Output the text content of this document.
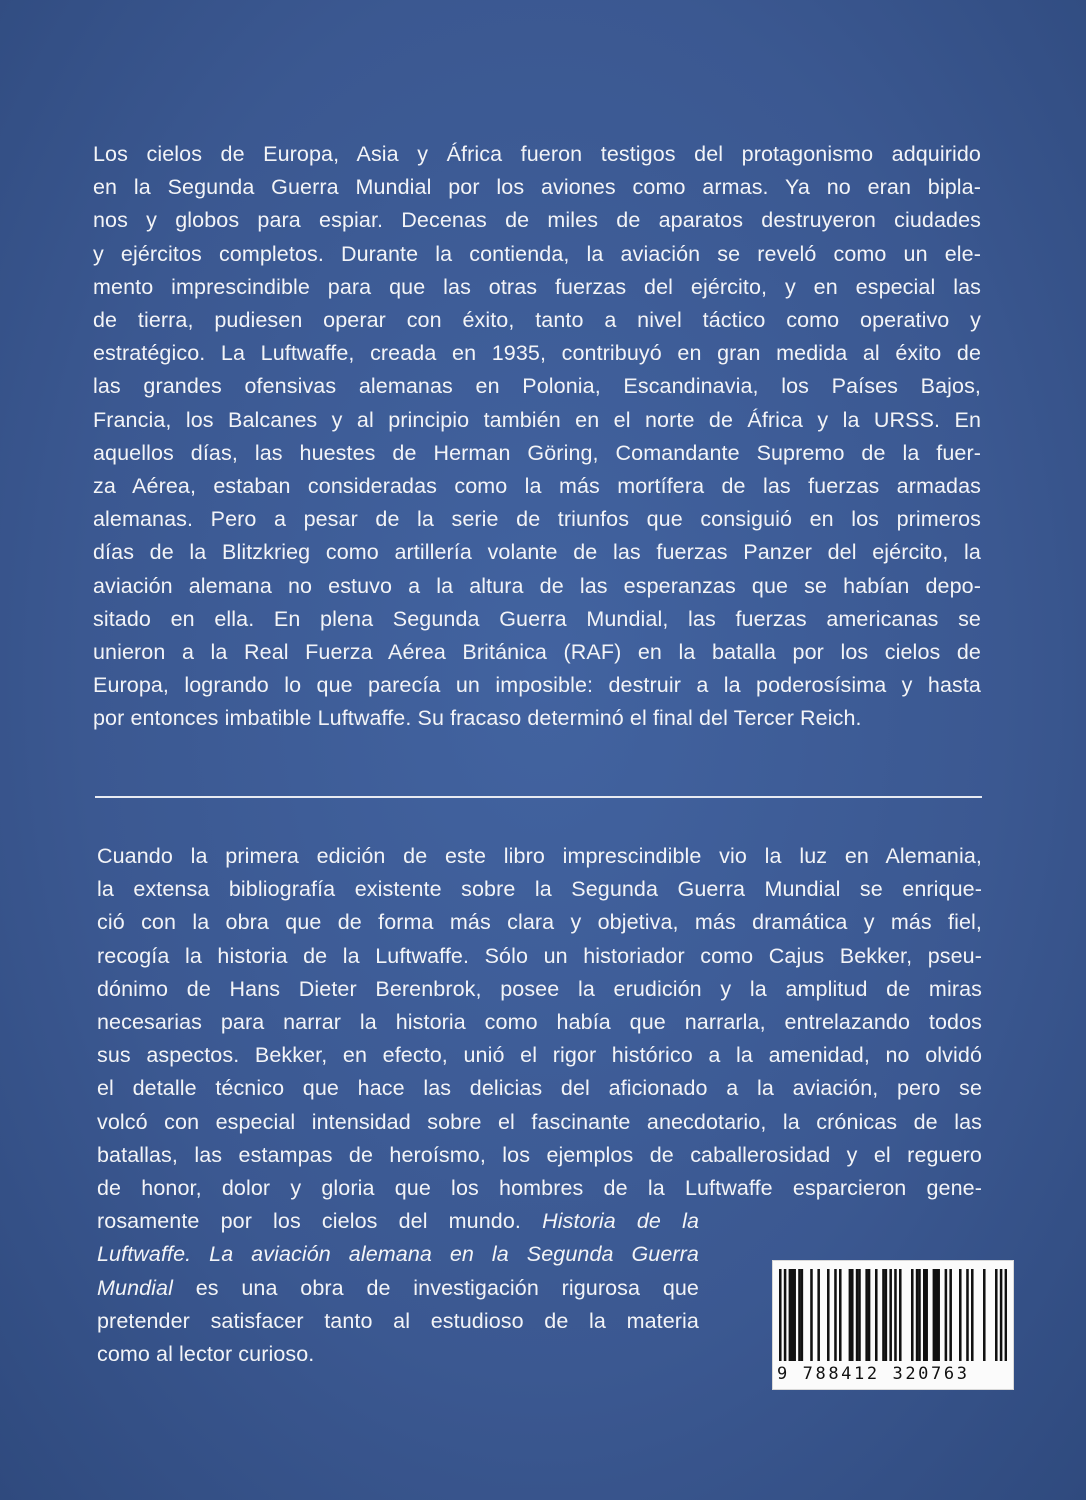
Los cielos de Europa, Asia y África fueron testigos del protagonismo adquirido
en la Segunda Guerra Mundial por los aviones como armas. Ya no eran bipla-
nos y globos para espiar. Decenas de miles de aparatos destruyeron ciudades
y ejércitos completos. Durante la contienda, la aviación se reveló como un ele-
mento imprescindible para que las otras fuerzas del ejército, y en especial las
de tierra, pudiesen operar con éxito, tanto a nivel táctico como operativo y
estratégico. La Luftwaffe, creada en 1935, contribuyó en gran medida al éxito de
las grandes ofensivas alemanas en Polonia, Escandinavia, los Países Bajos,
Francia, los Balcanes y al principio también en el norte de África y la URSS. En
aquellos días, las huestes de Herman Göring, Comandante Supremo de la fuer-
za Aérea, estaban consideradas como la más mortífera de las fuerzas armadas
alemanas. Pero a pesar de la serie de triunfos que consiguió en los primeros
días de la Blitzkrieg como artillería volante de las fuerzas Panzer del ejército, la
aviación alemana no estuvo a la altura de las esperanzas que se habían depo-
sitado en ella. En plena Segunda Guerra Mundial, las fuerzas americanas se
unieron a la Real Fuerza Aérea Británica (RAF) en la batalla por los cielos de
Europa, logrando lo que parecía un imposible: destruir a la poderosísima y hasta
por entonces imbatible Luftwaffe. Su fracaso determinó el final del Tercer Reich.

Cuando la primera edición de este libro imprescindible vio la luz en Alemania,
la extensa bibliografía existente sobre la Segunda Guerra Mundial se enrique-
ció con la obra que de forma más clara y objetiva, más dramática y más fiel,
recogía la historia de la Luftwaffe. Sólo un historiador como Cajus Bekker, pseu-
dónimo de Hans Dieter Berenbrok, posee la erudición y la amplitud de miras
necesarias para narrar la historia como había que narrarla, entrelazando todos
sus aspectos. Bekker, en efecto, unió el rigor histórico a la amenidad, no olvidó
el detalle técnico que hace las delicias del aficionado a la aviación, pero se
volcó con especial intensidad sobre el fascinante anecdotario, la crónicas de las
batallas, las estampas de heroísmo, los ejemplos de caballerosidad y el reguero
de honor, dolor y gloria que los hombres de la Luftwaffe esparcieron gene-
rosamente por los cielos del mundo. Historia de la
Luftwaffe. La aviación alemana en la Segunda Guerra
Mundial es una obra de investigación rigurosa que
pretender satisfacer tanto al estudioso de la materia
como al lector curioso.

9 788412 320763
